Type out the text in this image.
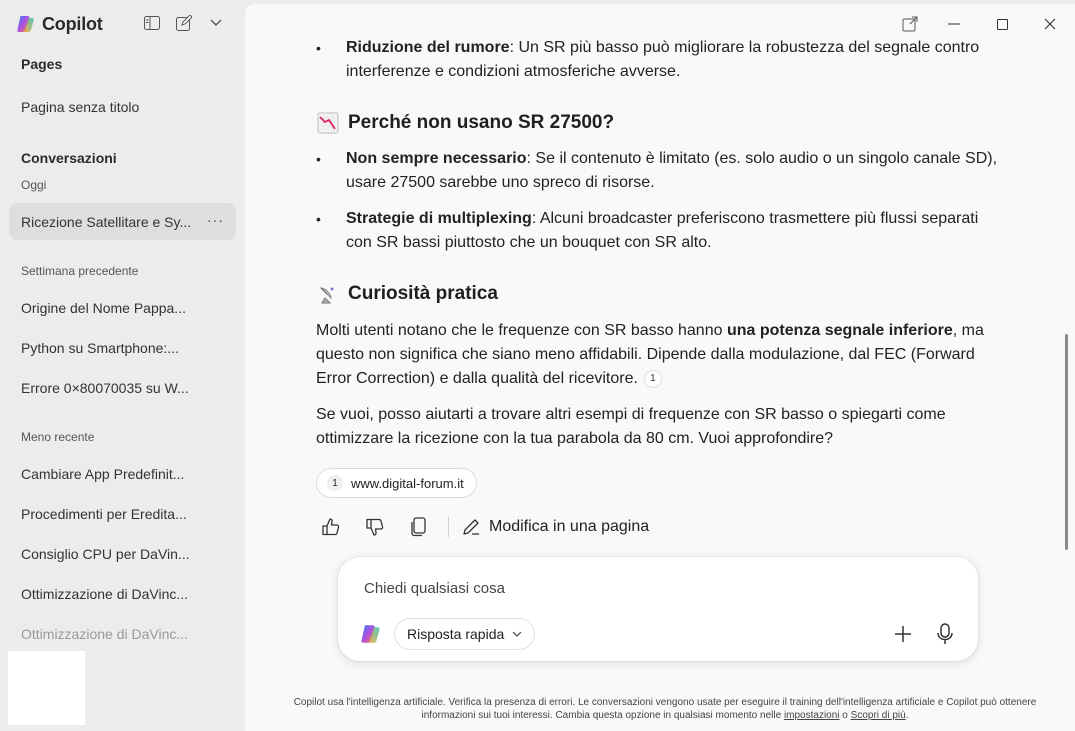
Copilot
Pages
Pagina senza titolo
Conversazioni
Oggi
Ricezione Satellitare e Sy... ···
Settimana precedente
Origine del Nome Pappa...
Python su Smartphone:...
Errore 0×80070035 su W...
Meno recente
Cambiare App Predefinit...
Procedimenti per Eredita...
Consiglio CPU per DaVin...
Ottimizzazione di DaVinc...
Ottimizzazione di DaVinc...
• Riduzione del rumore: Un SR più basso può migliorare la robustezza del segnale contro interferenze e condizioni atmosferiche avverse.
Perché non usano SR 27500?
• Non sempre necessario: Se il contenuto è limitato (es. solo audio o un singolo canale SD), usare 27500 sarebbe uno spreco di risorse.
• Strategie di multiplexing: Alcuni broadcaster preferiscono trasmettere più flussi separati con SR bassi piuttosto che un bouquet con SR alto.
Curiosità pratica
Molti utenti notano che le frequenze con SR basso hanno una potenza segnale inferiore, ma questo non significa che siano meno affidabili. Dipende dalla modulazione, dal FEC (Forward Error Correction) e dalla qualità del ricevitore. 1
Se vuoi, posso aiutarti a trovare altri esempi di frequenze con SR basso o spiegarti come ottimizzare la ricezione con la tua parabola da 80 cm. Vuoi approfondire?
1	www.digital-forum.it
Modifica in una pagina
Chiedi qualsiasi cosa
Risposta rapida
Copilot usa l'intelligenza artificiale. Verifica la presenza di errori. Le conversazioni vengono usate per eseguire il training dell'intelligenza artificiale e Copilot può ottenere informazioni sui tuoi interessi. Cambia questa opzione in qualsiasi momento nelle impostazioni o Scopri di più.
